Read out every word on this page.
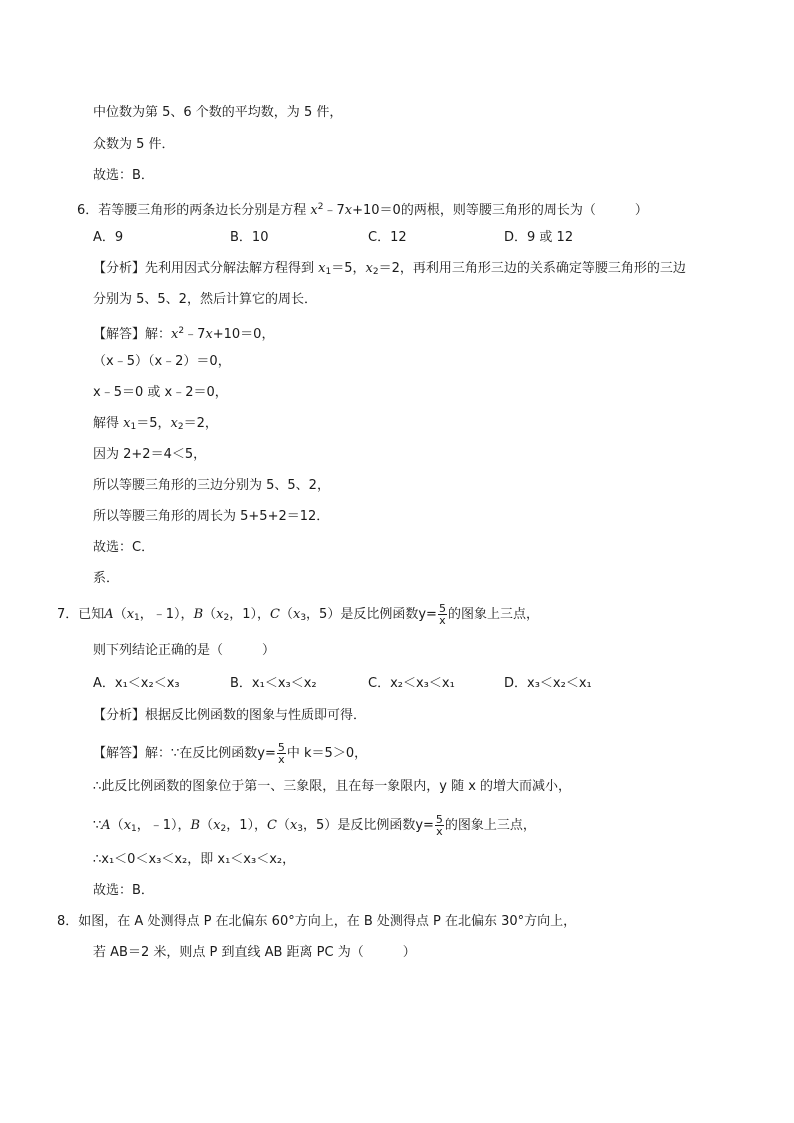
中位数为第 5、6 个数的平均数，为 5 件，
众数为 5 件．
故选：B．
6．若等腰三角形的两条边长分别是方程 $x^2﹣7x+10=0$的两根，则等腰三角形的周长为（　　　）
A．9	B．10	C．12	D．9 或 12
【分析】先利用因式分解法解方程得到 $x_1=5$，$x_2=2$，再利用三角形三边的关系确定等腰三角形的三边
分别为 5、5、2，然后计算它的周长．
【解答】解：$x^2﹣7x+10=0$，
（x﹣5）（x﹣2）＝0，
x﹣5＝0 或 x﹣2＝0，
解得 $x_1=5$，$x_2=2$，
因为 2+2＝4＜5，
所以等腰三角形的三边分别为 5、5、2，
所以等腰三角形的周长为 5+5+2＝12．
故选：C．
系．
7．已知$A(x_1$，﹣1），$B(x_2$，1），$C(x_3$，5）是反比例函数$y= \frac{5}{x}$ 的图象上三点，
则下列结论正确的是（　　　）
A．x₁＜x₂＜x₃	B．x₁＜x₃＜x₂	C．x₂＜x₃＜x₁	D．x₃＜x₂＜x₁
【分析】根据反比例函数的图象与性质即可得．
【解答】解：∵在反比例函数$y= \frac{5}{x}$ 中 k＝5＞0，
∴此反比例函数的图象位于第一、三象限，且在每一象限内，y 随 x 的增大而减小，
$\because A(x_1$，﹣1），$B(x_2$，1），$C(x_3$，5）是反比例函数$y= \frac{5}{x}$ 的图象上三点，
∴x₁＜0＜x₃＜x₂，即 x₁＜x₃＜x₂，
故选：B．
8．如图，在 A 处测得点 P 在北偏东 60°方向上，在 B 处测得点 P 在北偏东 30°方向上，
若 AB＝2 米，则点 P 到直线 AB 距离 PC 为（　　　）
